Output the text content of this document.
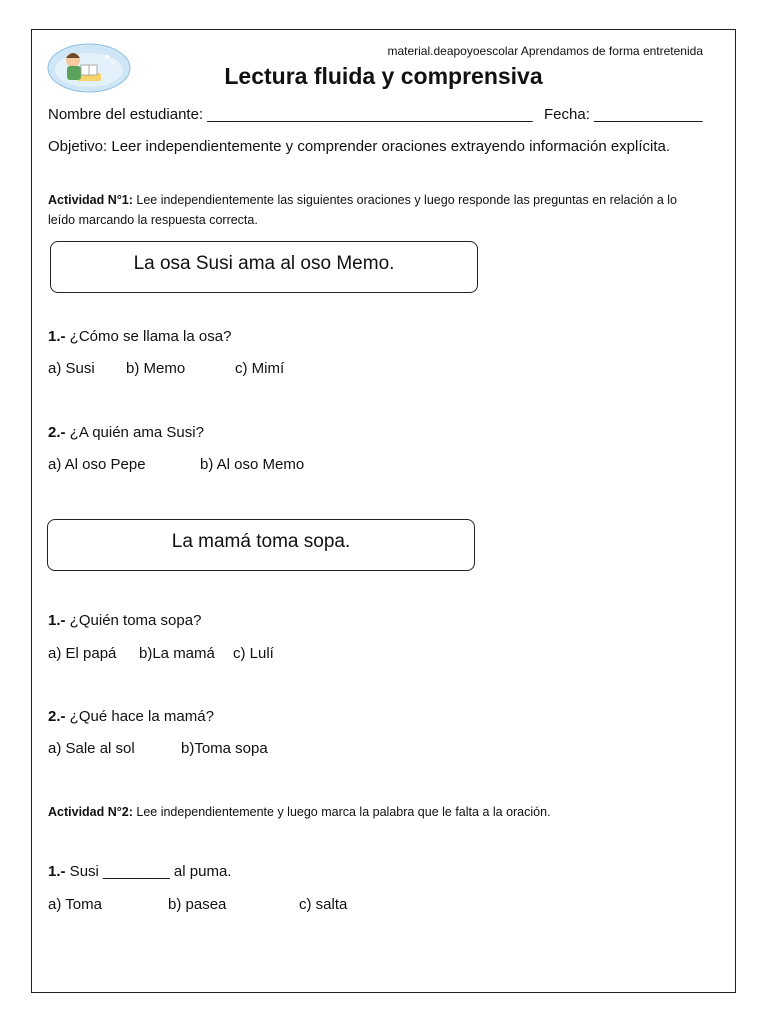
material.deapoyoescolar Aprendamos de forma entretenida
Lectura fluida y comprensiva
Nombre del estudiante: _______________________________________ Fecha: _____________
Objetivo: Leer independientemente y comprender oraciones extrayendo información explícita.
Actividad N°1: Lee independientemente las siguientes oraciones y luego responde las preguntas en relación a lo leído marcando la respuesta correcta.
La osa Susi ama al oso Memo.
1.- ¿Cómo se llama la osa?
a) Susi b) Memo	c) Mimí
2.- ¿A quién ama Susi?
a) Al oso Pepe	b) Al oso Memo
La mamá toma sopa.
1.- ¿Quién toma sopa?
a) El papá b)La mamá c) Lulí
2.- ¿Qué hace la mamá?
a) Sale al sol	b)Toma sopa
Actividad N°2: Lee independientemente y luego marca la palabra que le falta a la oración.
1.- Susi ________ al puma.
a) Toma	b) pasea	c) salta
